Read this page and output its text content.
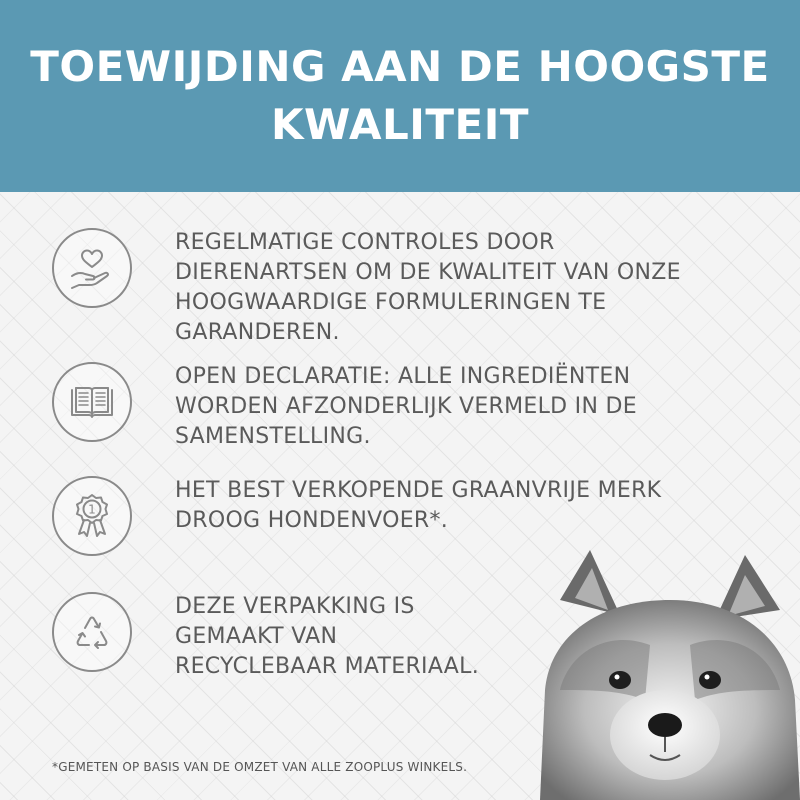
TOEWIJDING AAN DE HOOGSTE
KWALITEIT
REGELMATIGE CONTROLES DOOR
DIERENARTSEN OM DE KWALITEIT VAN ONZE
HOOGWAARDIGE FORMULERINGEN TE
GARANDEREN.
OPEN DECLARATIE: ALLE INGREDIËNTEN
WORDEN AFZONDERLIJK VERMELD IN DE
SAMENSTELLING.
1
HET BEST VERKOPENDE GRAANVRIJE MERK
DROOG HONDENVOER*.
DEZE VERPAKKING IS
GEMAAKT VAN
RECYCLEBAAR MATERIAAL.
*GEMETEN OP BASIS VAN DE OMZET VAN ALLE ZOOPLUS WINKELS.
